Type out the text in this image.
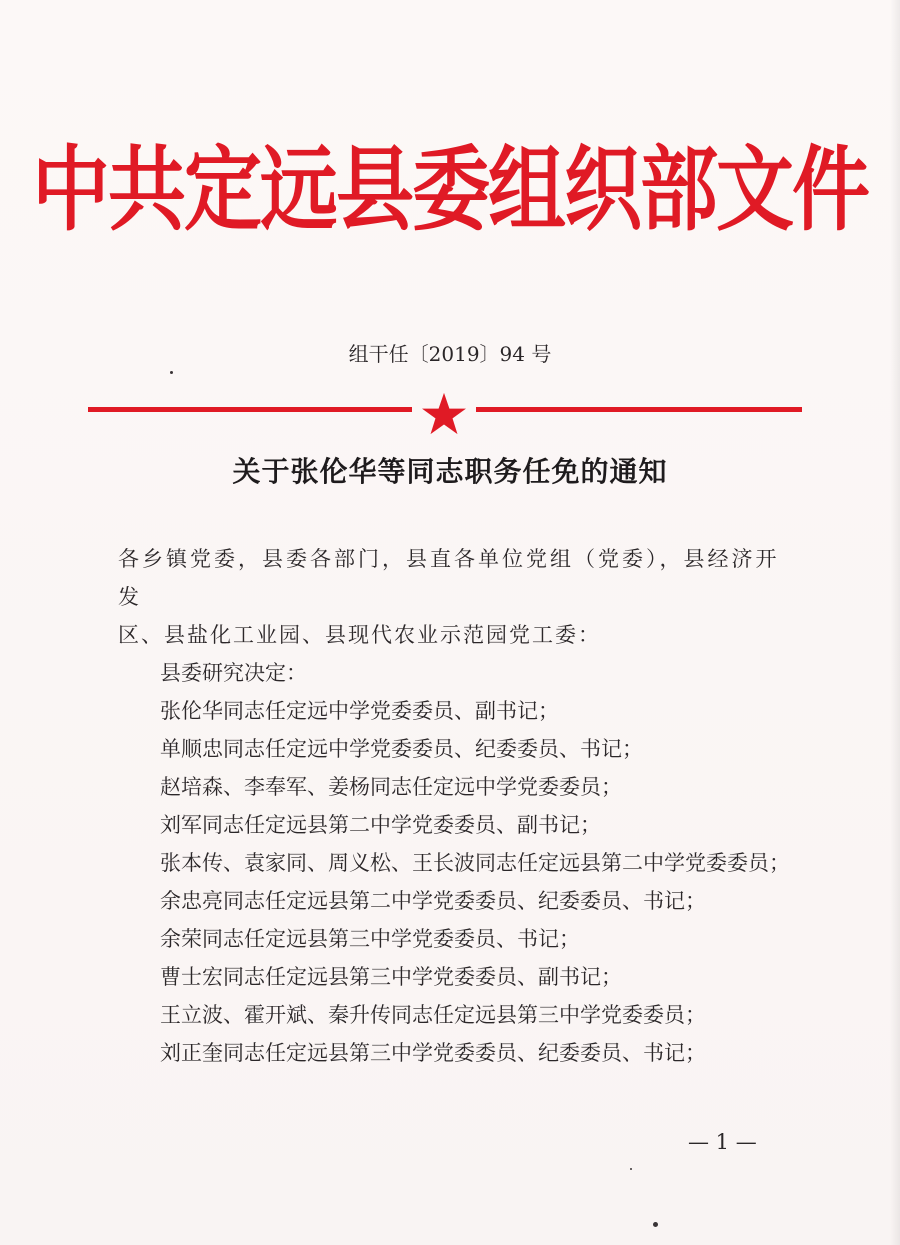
中共定远县委组织部文件
组干任〔2019〕94 号
关于张伦华等同志职务任免的通知

各乡镇党委，县委各部门，县直各单位党组（党委），县经济开发

区、县盐化工业园、县现代农业示范园党工委：

县委研究决定：

张伦华同志任定远中学党委委员、副书记；

单顺忠同志任定远中学党委委员、纪委委员、书记；

赵培森、李奉军、姜杨同志任定远中学党委委员；

刘军同志任定远县第二中学党委委员、副书记；

张本传、袁家同、周义松、王长波同志任定远县第二中学党委委员；

余忠亮同志任定远县第二中学党委委员、纪委委员、书记；

余荣同志任定远县第三中学党委委员、书记；

曹士宏同志任定远县第三中学党委委员、副书记；

王立波、霍开斌、秦升传同志任定远县第三中学党委委员；

刘正奎同志任定远县第三中学党委委员、纪委委员、书记；

— 1 —
